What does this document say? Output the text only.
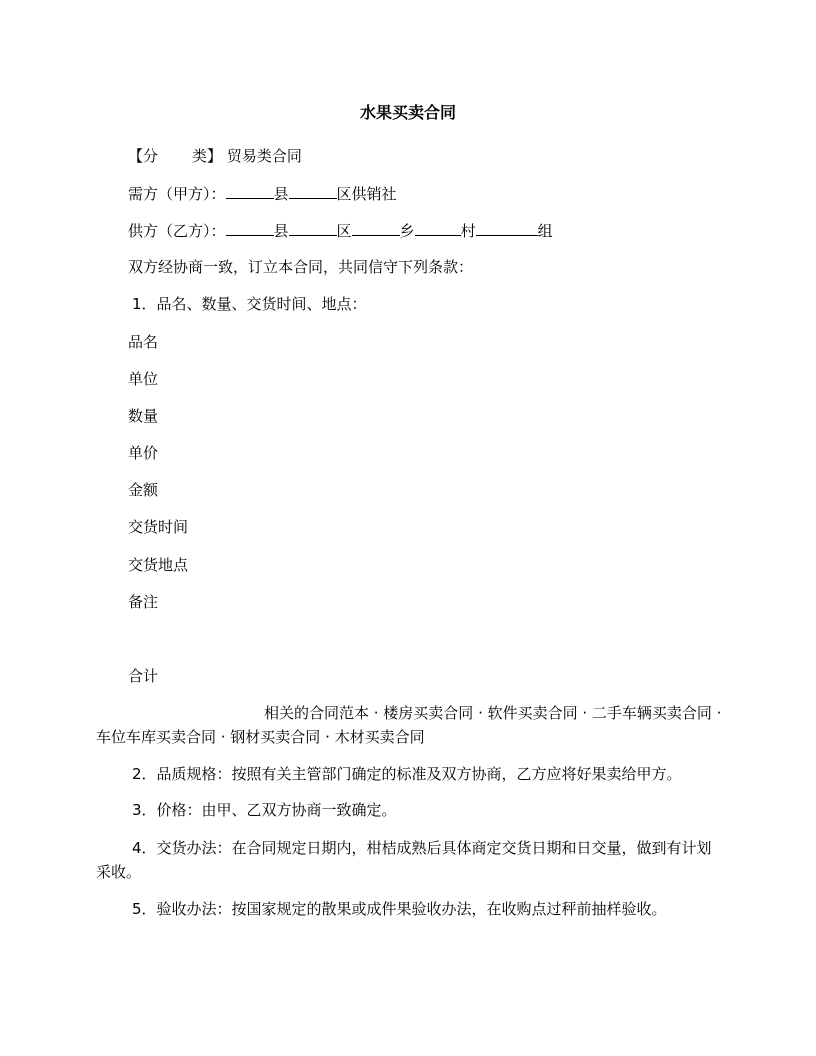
水果买卖合同
【分 类】 贸易类合同
需方（甲方）：	县	区供销社
供方（乙方）：	县	区	乡	村	组
双方经协商一致，订立本合同，共同信守下列条款：
1．品名、数量、交货时间、地点：
品名
单位
数量
单价
金额
交货时间
交货地点
备注
合计
相关的合同范本 · 楼房买卖合同 · 软件买卖合同 · 二手车辆买卖合同 · 车位车库买卖合同 · 钢材买卖合同 · 木材买卖合同
2．品质规格：按照有关主管部门确定的标准及双方协商，乙方应将好果卖给甲方。
3．价格：由甲、乙双方协商一致确定。
4．交货办法：在合同规定日期内，柑桔成熟后具体商定交货日期和日交量，做到有计划采收。
5．验收办法：按国家规定的散果或成件果验收办法，在收购点过秤前抽样验收。
